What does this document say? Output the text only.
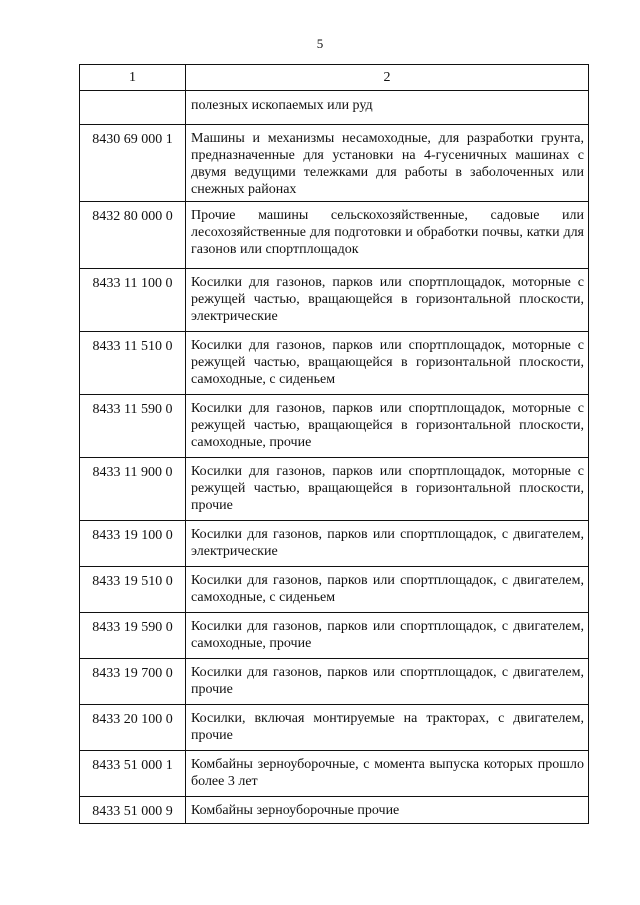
5
1	2
	полезных ископаемых или руд
8430 69 000 1	Машины и механизмы несамоходные, для разработки грунта, предназначенные для установки на 4-гусеничных машинах с двумя ведущими тележками для работы в заболоченных или снежных районах
8432 80 000 0	Прочие машины сельскохозяйственные, садовые или лесохозяйственные для подготовки и обработки почвы, катки для газонов или спортплощадок
8433 11 100 0	Косилки для газонов, парков или спортплощадок, моторные с режущей частью, вращающейся в горизонтальной плоскости, электрические
8433 11 510 0	Косилки для газонов, парков или спортплощадок, моторные с режущей частью, вращающейся в горизонтальной плоскости, самоходные, с сиденьем
8433 11 590 0	Косилки для газонов, парков или спортплощадок, моторные с режущей частью, вращающейся в горизонтальной плоскости, самоходные, прочие
8433 11 900 0	Косилки для газонов, парков или спортплощадок, моторные с режущей частью, вращающейся в горизонтальной плоскости, прочие
8433 19 100 0	Косилки для газонов, парков или спортплощадок, с двигателем, электрические
8433 19 510 0	Косилки для газонов, парков или спортплощадок, с двигателем, самоходные, с сиденьем
8433 19 590 0	Косилки для газонов, парков или спортплощадок, с двигателем, самоходные, прочие
8433 19 700 0	Косилки для газонов, парков или спортплощадок, с двигателем, прочие
8433 20 100 0	Косилки, включая монтируемые на тракторах, с двигателем, прочие
8433 51 000 1	Комбайны зерноуборочные, с момента выпуска которых прошло более 3 лет
8433 51 000 9	Комбайны зерноуборочные прочие
